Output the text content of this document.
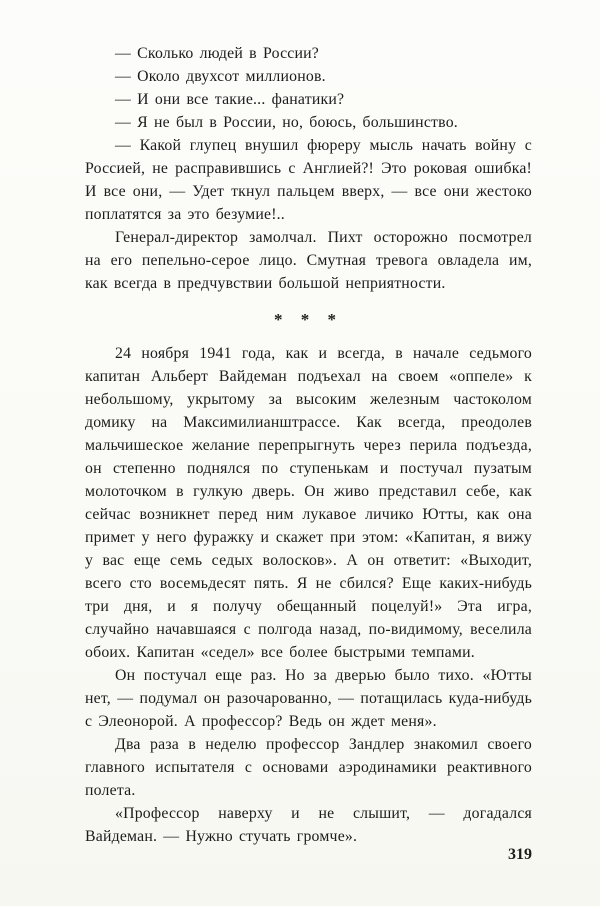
— Сколько людей в России?

— Около двухсот миллионов.

— И они все такие... фанатики?

— Я не был в России, но, боюсь, большинство.

— Какой глупец внушил фюреру мысль начать войну с Россией, не расправившись с Англией?! Это роковая ошибка! И все они, — Удет ткнул пальцем вверх, — все они жестоко поплатятся за это безумие!..

Генерал-директор замолчал. Пихт осторожно посмотрел на его пепельно-серое лицо. Смутная тревога овладела им, как всегда в предчувствии большой неприятности.

* * *

24 ноября 1941 года, как и всегда, в начале седьмого капитан Альберт Вайдеман подъехал на своем «оппеле» к небольшому, укрытому за высоким железным частоколом домику на Максимилианштрассе. Как всегда, преодолев мальчишеское желание перепрыгнуть через перила подъезда, он степенно поднялся по ступенькам и постучал пузатым молоточком в гулкую дверь. Он живо представил себе, как сейчас возникнет перед ним лукавое личико Ютты, как она примет у него фуражку и скажет при этом: «Капитан, я вижу у вас еще семь седых волосков». А он ответит: «Выходит, всего сто восемьдесят пять. Я не сбился? Еще каких-нибудь три дня, и я получу обещанный поцелуй!» Эта игра, случайно начавшаяся с полгода назад, по-видимому, веселила обоих. Капитан «седел» все более быстрыми темпами.

Он постучал еще раз. Но за дверью было тихо. «Ютты нет, — подумал он разочарованно, — потащилась куда-нибудь с Элеонорой. А профессор? Ведь он ждет меня».

Два раза в неделю профессор Зандлер знакомил своего главного испытателя с основами аэродинамики реактивного полета.

«Профессор наверху и не слышит, — догадался Вайдеман. — Нужно стучать громче».

319
